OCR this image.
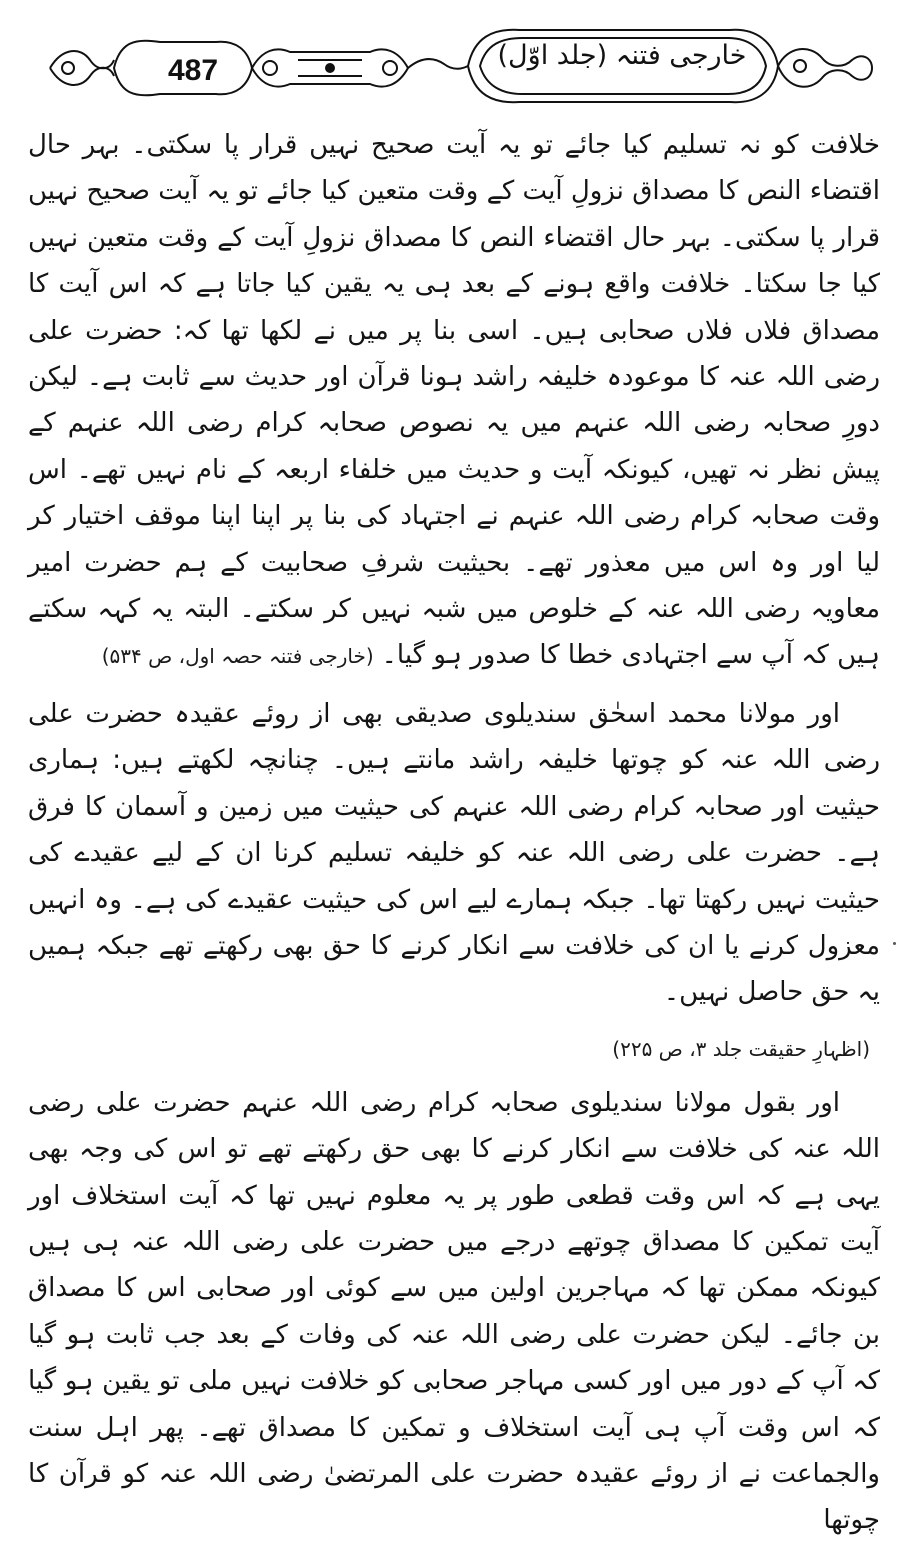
487	خارجی فتنہ (جلد اوّل)

خلافت کو نہ تسلیم کیا جائے تو یہ آیت صحیح نہیں قرار پا سکتی۔ بہر حال اقتضاء النص کا مصداق نزولِ آیت کے وقت متعین کیا جائے تو یہ آیت صحیح نہیں قرار پا سکتی۔ بہر حال اقتضاء النص کا مصداق نزولِ آیت کے وقت متعین نہیں کیا جا سکتا۔ خلافت واقع ہونے کے بعد ہی یہ یقین کیا جاتا ہے کہ اس آیت کا مصداق فلاں فلاں صحابی ہیں۔ اسی بنا پر میں نے لکھا تھا کہ: حضرت علی رضی اللہ عنہ کا موعودہ خلیفہ راشد ہونا قرآن اور حدیث سے ثابت ہے۔ لیکن دورِ صحابہ رضی اللہ عنہم میں یہ نصوص صحابہ کرام رضی اللہ عنہم کے پیش نظر نہ تھیں، کیونکہ آیت و حدیث میں خلفاء اربعہ کے نام نہیں تھے۔ اس وقت صحابہ کرام رضی اللہ عنہم نے اجتہاد کی بنا پر اپنا اپنا موقف اختیار کر لیا اور وہ اس میں معذور تھے۔ بحیثیت شرفِ صحابیت کے ہم حضرت امیر معاویہ رضی اللہ عنہ کے خلوص میں شبہ نہیں کر سکتے۔ البتہ یہ کہہ سکتے ہیں کہ آپ سے اجتہادی خطا کا صدور ہو گیا۔(خارجی فتنہ حصہ اول، ص ۵۳۴)

اور مولانا محمد اسحٰق سندیلوی صدیقی بھی از روئے عقیدہ حضرت علی رضی اللہ عنہ کو چوتھا خلیفہ راشد مانتے ہیں۔ چنانچہ لکھتے ہیں: ہماری حیثیت اور صحابہ کرام رضی اللہ عنہم کی حیثیت میں زمین و آسمان کا فرق ہے۔ حضرت علی رضی اللہ عنہ کو خلیفہ تسلیم کرنا ان کے لیے عقیدے کی حیثیت نہیں رکھتا تھا۔ جبکہ ہمارے لیے اس کی حیثیت عقیدے کی ہے۔ وہ انہیں معزول کرنے یا ان کی خلافت سے انکار کرنے کا حق بھی رکھتے تھے جبکہ ہمیں یہ حق حاصل نہیں۔

(اظہارِ حقیقت جلد ۳، ص ۲۲۵)

اور بقول مولانا سندیلوی صحابہ کرام رضی اللہ عنہم حضرت علی رضی اللہ عنہ کی خلافت سے انکار کرنے کا بھی حق رکھتے تھے تو اس کی وجہ بھی یہی ہے کہ اس وقت قطعی طور پر یہ معلوم نہیں تھا کہ آیت استخلاف اور آیت تمکین کا مصداق چوتھے درجے میں حضرت علی رضی اللہ عنہ ہی ہیں کیونکہ ممکن تھا کہ مہاجرین اولین میں سے کوئی اور صحابی اس کا مصداق بن جائے۔ لیکن حضرت علی رضی اللہ عنہ کی وفات کے بعد جب ثابت ہو گیا کہ آپ کے دور میں اور کسی مہاجر صحابی کو خلافت نہیں ملی تو یقین ہو گیا کہ اس وقت آپ ہی آیت استخلاف و تمکین کا مصداق تھے۔ پھر اہل سنت والجماعت نے از روئے عقیدہ حضرت علی المرتضیٰ رضی اللہ عنہ کو قرآن کا چوتھا
